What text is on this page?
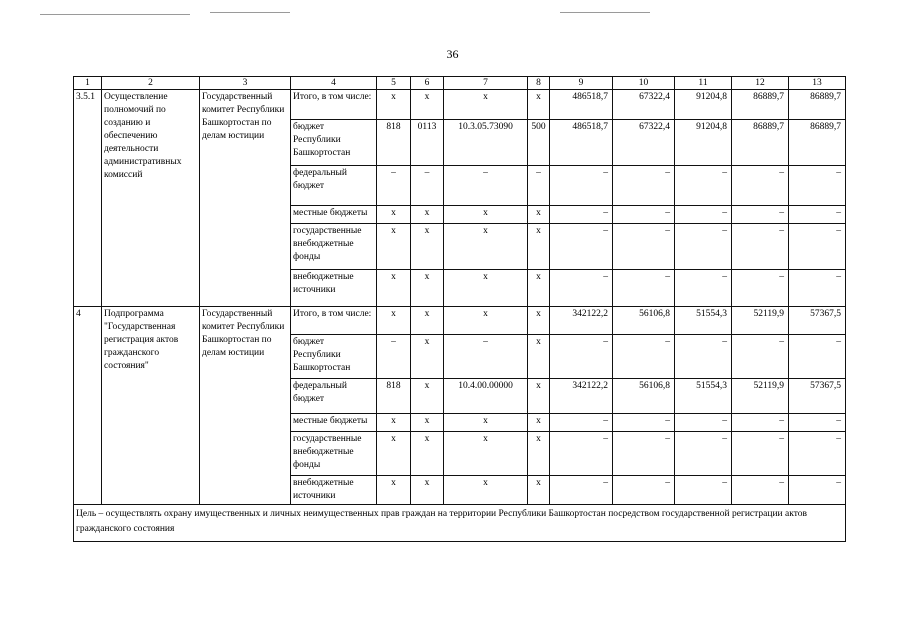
36
1	2	3	4	5	6	7	8	9	10	11	12	13
3.5.1	Осуществление полномочий по созданию и обеспечению деятельности административных комиссий	Государственный комитет Республики Башкортостан по делам юстиции	Итого, в том числе:	х	х	х	х	486518,7	67322,4	91204,8	86889,7	86889,7
			бюджет Республики Башкортостан	818	0113	10.3.05.73090	500	486518,7	67322,4	91204,8	86889,7	86889,7
			федеральный бюджет	–	–	–	–	–	–	–	–	–
			местные бюджеты	х	х	х	х	–	–	–	–	–
			государственные внебюджетные фонды	х	х	х	х	–	–	–	–	–
			внебюджетные источники	х	х	х	х	–	–	–	–	–
4	Подпрограмма "Государственная регистрация актов гражданского состояния"	Государственный комитет Республики Башкортостан по делам юстиции	Итого, в том числе:	х	х	х	х	342122,2	56106,8	51554,3	52119,9	57367,5
			бюджет Республики Башкортостан	–	х	–	х	–	–	–	–	–
			федеральный бюджет	818	х	10.4.00.00000	х	342122,2	56106,8	51554,3	52119,9	57367,5
			местные бюджеты	х	х	х	х	–	–	–	–	–
			государственные внебюджетные фонды	х	х	х	х	–	–	–	–	–
			внебюджетные источники	х	х	х	х	–	–	–	–	–
Цель – осуществлять охрану имущественных и личных неимущественных прав граждан на территории Республики Башкортостан посредством государственной регистрации актов гражданского состояния												
